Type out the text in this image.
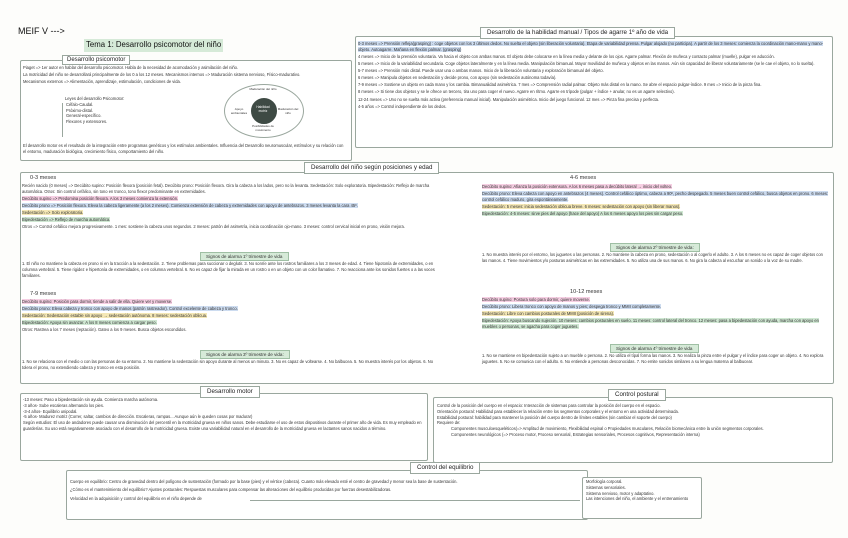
MEIF V --->
Tema 1: Desarrollo psicomotor del niño
Desarrollo psicomotor

Piaget => 1er autor en hablar del desarrollo psicomotor. Habla de la necesidad de acomodación y asimilación del niño.

La motricidad del niño se desarrollará principalmente de los 0 a los 12 meses. Mecanismos internos => Maduración sistema nervioso, Físico-madurativo.

Mecanismos externos => Alimentación, aprendizaje, estimulación, condiciones de vida.

Leyes del desarrollo Psicomotor:
Céfalo-Caudal.
Próximo-distal.
General-específico.
Flexores y extensores.
Habilidad motriz
Maduración del niño
Apoyo ambientales
Maduración del niño
Posibilidades de movimiento
El desarrollo motor es el resultado de la integración entre programas genéticos y los estímulos ambientales. Influencia del Desarrollo neuromuscular, estímulos y su relación con el entorno, maduración biológica, crecimiento físico, comportamiento del niño.
Desarrollo de la habilidad manual / Tipos de agarre 1º año de vida

0-3 meses => Prensión refleja(grasping) : coge objetos con los 3 últimos dedos. No suelta el objeto (sin liberación voluntaria). Etapa de variabilidad prensa. Pulgar alojado (no participa). A partir de los 3 meses: comienza la coordinación mano-mano y mano-objeto. Autoagarre. Mañana en flexión palmar. (grasping)

4 meses => Inicio de la prensión voluntaria. Va hacia el objeto con ambas manos. El objeto debe colocarse en la línea media y delante de los ojos. Agarre palmar. Flexión de muñeca y contacto palmar (muelle), pulgar en aducción.

5 meses => Inicio de la variabilidad secundaria. Coge objetos lateralmente y en la línea media. Manipulación bimanual. Mayor movilidad de muñeca y objetos en las manos. Aún sin capacidad de liberar voluntariamente (se le cae el objeto, no lo suelta).

5-7 meses => Prensión más distal. Puede usar una o ambas manos. Inicio de la liberación voluntaria y exploración bimanual del objeto.

6 meses => Manipula objetos en sedestación y decide prono, con apoyo (sin sedestación autónoma todavía).

7-9 meses => Sostiene un objeto en cada mano y los cambia. Bimanualidad asimétrica. 7 mes => Comprensión radial palmar. Objeto más distal en la mano. Se abre el espacio pulgar-índice. 9 mes => Inicio de la pinza fina.

8 meses => Si tiene dos objetos y se le ofrece un tercero, tira uno para coger el nuevo. Agarre en rítmo. Agarre en trípode (pulgar + índice + anular, no es un agarre selectivo).

12-24 meses => Uno no se suelta más activa (preferencia manual inicial). Manipulación asimétrica. Inicio del juego funcional. 12 mes => Pinza fina precisa y perfecta.

4-5 años => Control independiente de los dedos.

Desarrollo del niño según posiciones y edad
0-3 meses

Recién nacido (0 meses) => Decúbito supino: Posición flexora (posición fetal). Decúbito prono: Posición flexora. Gira la cabeza a los lados, pero no la levanta. Sedestación: Solo exploratoria. Bipedestación: Reflejo de marcha automática. Otros: Sin control cefálico, sin tono en tronco, tono flexor predominante en extremidades.

Decúbito supino => Predomina posición flexora. A los 3 meses comienza la extensión.

Decúbito prono => Posición flexora. Eleva la cabeza ligeramente (a los 2 meses). Comienza extensión de cabeza y extremidades con apoyo de antebrazos. 3 meses levanta la cara 45º.

Sedestación => Solo exploratoria.

Bipedestación => Reflejo de marcha automática.

Otros => Control cefálico mejora progresivamente. 1 mes: sostiene la cabeza unos segundos. 2 meses: patrón del asimetría, inicia coordinación ojo-mano. 3 meses: control cervical inicial en prono, visión mejora.

Signos de alarma 1º trimestre de vida
1. El niño no mantiene la cabeza en prono ni en la tracción a la sedestación. 2. Tiene problemas para succionar o deglutir. 3. No sonríe ante los rostros familiares a los 3 meses de edad. 4. Tiene hipotonía de extremidades, o en columna vertebral. 5. Tiene rigidez e hipertonía de extremidades, o en columna vertebral. 6. No es capaz de fijar la mirada en un rostro o en un objeto con un color llamativo. 7. No reacciona ante los sonidos fuertes o a las voces familiares.
7-9 meses

Decúbito supino: Posición para dormir, tiende a salir de ella. Quiere ver y moverse.

Decúbito prono: Eleva cabeza y tronco con apoyo de manos (patrón rastreador). Control excelente de cabeza y tronco.

Sedestación: Sedestación estable sin apoyo → sedestación autónoma. 8 meses: sedestación oblicua.

Bipedestación: Apoya sin avanzar. A los 8 meses comienza a cargar peso.

Otros: Rastrea a los 7 meses (reptación). Gateo a los 9 meses. Busca objetos escondidos.

Signos de alarma 3º trimestre de vida:
1. No se relaciona con el medio o con las personas de su entorno. 2. No mantiene la sedestación sin apoyo durante al menos un minuto. 3. No es capaz de voltearse. 4. No balbucea. 5. No muestra interés por los objetos. 6. No tolera el prono, no extendiendo cabeza y tronco en esta posición.
4-6 meses

Decúbito supino: Afianza la posición extensora. A los 6 meses pasa a decúbito lateral → inicio del volteo.

Decúbito prono: Eleva cabeza con apoyo en antebrazos (4 meses). Control cefálico óptimo, cabeza a 90º, pecho despegado. 5 meses buen control cefálico, busca objetos en prono. 6 meses: control cefálico maduro, gira espontáneamente.

Sedestación: 5 meses: inicia sedestación oblicua breve. 6 meses: sedestación con apoyo (sin liberar manos).

Bipedestación: 4-5 meses: sirve pies del apoyo (hace del apoyo) A los 6 meses apoyo los pies sin cargar peso.

Signos de alarma 2º trimestre de vida:
1. No muestra interés por el entorno, los juguetes o las personas. 2. No mantiene la cabeza en prono, sedestación o al cogerlo el adulto. 3. A los 6 meses no es capaz de coger objetos con las manos. 4. Tiene movimientos y/o posturas asimétricas en las extremidades. 5. No utiliza una de sus manos. 6. No gira la cabeza al escuchar un sonido o la voz de su madre.
10-12 meses

Decúbito supino: Postura solo para dormir, quiere moverse.

Decúbito prono: Libera tronco con apoyo de manos y pies; despega tronco y MMII completamente.

Sedestación: Libre con cambios posturales de MMII (posición de sirena).

Bipedestación: Apoya buscando sujeción. 10 meses: cambios posturales en suelo. 11 meses: control lateral del tronco. 12 meses: pasa a bipedestación con ayuda, marcha con apoyo en muebles o personas, se agacha para coger juguetes.

Signos de alarma 4º trimestre de vida
1. No se mantiene en bipedestación sujeto a un mueble o persona. 2. No utiliza el típal forma las manos. 3. No realiza la pinza entre el pulgar y el índice para coger un objeto. 4. No explora juguetes. 5. No se comunica con el adulto. 6. No entiende a personas desconocidas. 7. No emite sonidos similares a su lengua materna al balbucear.
Desarrollo motor

-13 meses: Paso a bipedestación sin ayuda. Comienza marcha autónoma.

-3 años- Sube escaleras alternando los pies.

-3-4 años- Equilibrio unipodal.

-5 años- Madurez motriz (Correr, saltar, cambios de dirección. Escaleras, rampas... Aunque aún le queden cosas por madurar)

Según estudios: El uso de andadores puede causar una disminución del percentil en la motricidad gruesa en niños sanos. Debe estudiarse el uso de estos dispositivos durante el primer año de vida. Es muy empleado en guarderías. Su uso está negativamente asociado con el desarrollo de la motricidad gruesa. Existe una variabilidad natural en el desarrollo de la motricidad gruesa en lactantes sanos nacidos a término.

Control postural

Control de la posición del cuerpo en el espacio: Interacción de sistemas para controlar la posición del cuerpo en el espacio.

Orientación postural: Habilidad para establecer la relación entre los segmentos corporales y el entorno en una actividad determinada.

Estabilidad postural: habilidad para mantener la posición del cuerpo dentro de límites estables (sin cambiar el soporte del cuerpo)

Requiere de:

Componentes musculoesqueléticos(=> Amplitud de movimiento, Flexibilidad espinal o Propiedades musculares, Relación biomecánica entre la unión segmentos corporales.

Componentes neurológicos (=> Proceso motor, Proceso sensorial, Estrategias sensoriales, Procesos cognitivos, Representación interna)

Control del equilibrio

Cuerpo en equilibrio: Centro de gravedad dentro del polígono de sustentación (formado por la base (pies) y el vértice (cabeza). Cuanto más elevado esté el centro de gravedad y menor sea la base de sustentación.

¿Cómo es el mantenimiento del equilibrio? Ajustes posturales: Respuestas musculares para compensar las alteraciones del equilibrio producidas por fuerzas desestabilizadoras.

Velocidad en la adquisición y control del equilibrio en el niño depende de

Morfología corporal.
Sistemas sensoriales.
Sistema nervioso, motor y adaptativo.
Las intenciones del niño, el ambiente y el entrenamiento
